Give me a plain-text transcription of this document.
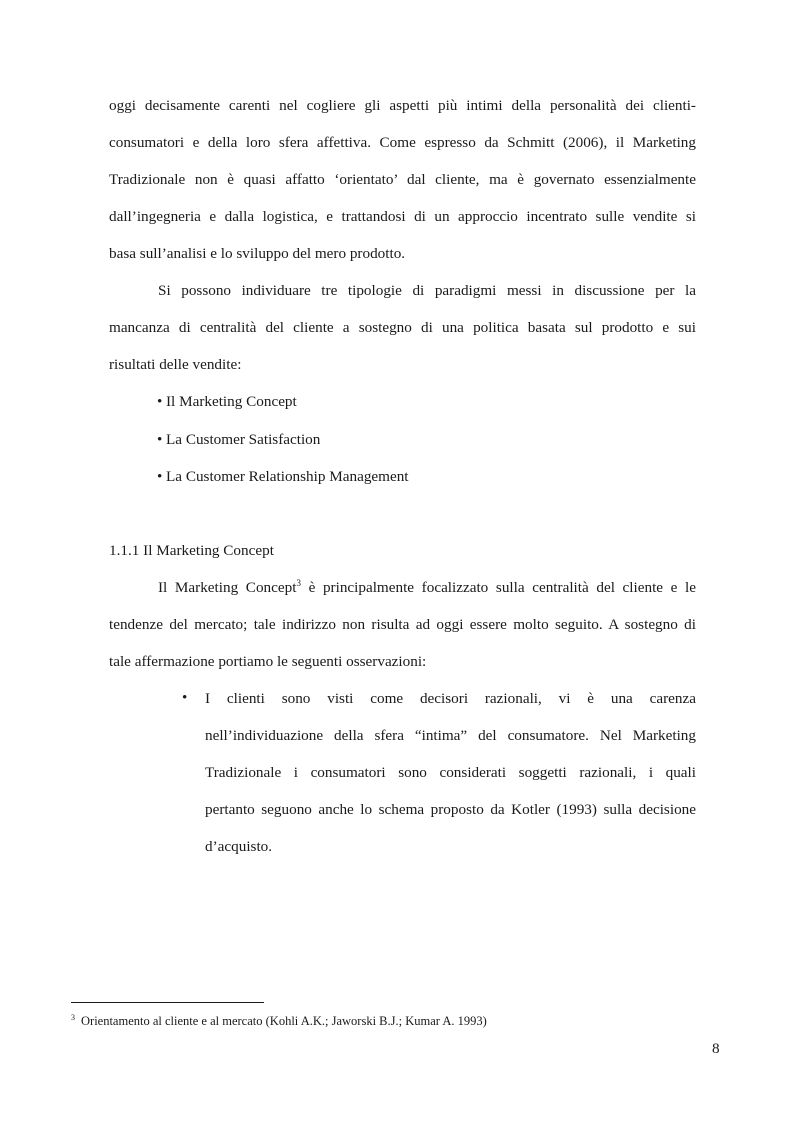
oggi decisamente carenti nel cogliere gli aspetti più intimi della personalità dei clienti-

consumatori e della loro sfera affettiva. Come espresso da Schmitt (2006), il Marketing

Tradizionale non è quasi affatto ‘orientato’ dal cliente, ma è governato essenzialmente

dall’ingegneria e dalla logistica, e trattandosi di un approccio incentrato sulle vendite si

basa sull’analisi e lo sviluppo del mero prodotto.

Si possono individuare tre tipologie di paradigmi messi in discussione per la

mancanza di centralità del cliente a sostegno di una politica basata sul prodotto e sui

risultati delle vendite:

• Il Marketing Concept
• La Customer Satisfaction
• La Customer Relationship Management
1.1.1 Il Marketing Concept

Il Marketing Concept$^3$ è principalmente focalizzato sulla centralità del cliente e le

tendenze del mercato; tale indirizzo non risulta ad oggi essere molto seguito. A sostegno di

tale affermazione portiamo le seguenti osservazioni:

• I clienti sono visti come decisori razionali, vi è una carenza

nell’individuazione della sfera “intima” del consumatore. Nel Marketing

Tradizionale i consumatori sono considerati soggetti razionali, i quali

pertanto seguono anche lo schema proposto da Kotler (1993) sulla decisione

d’acquisto.

$^3$ Orientamento al cliente e al mercato (Kohli A.K.; Jaworski B.J.; Kumar A. 1993)
8
